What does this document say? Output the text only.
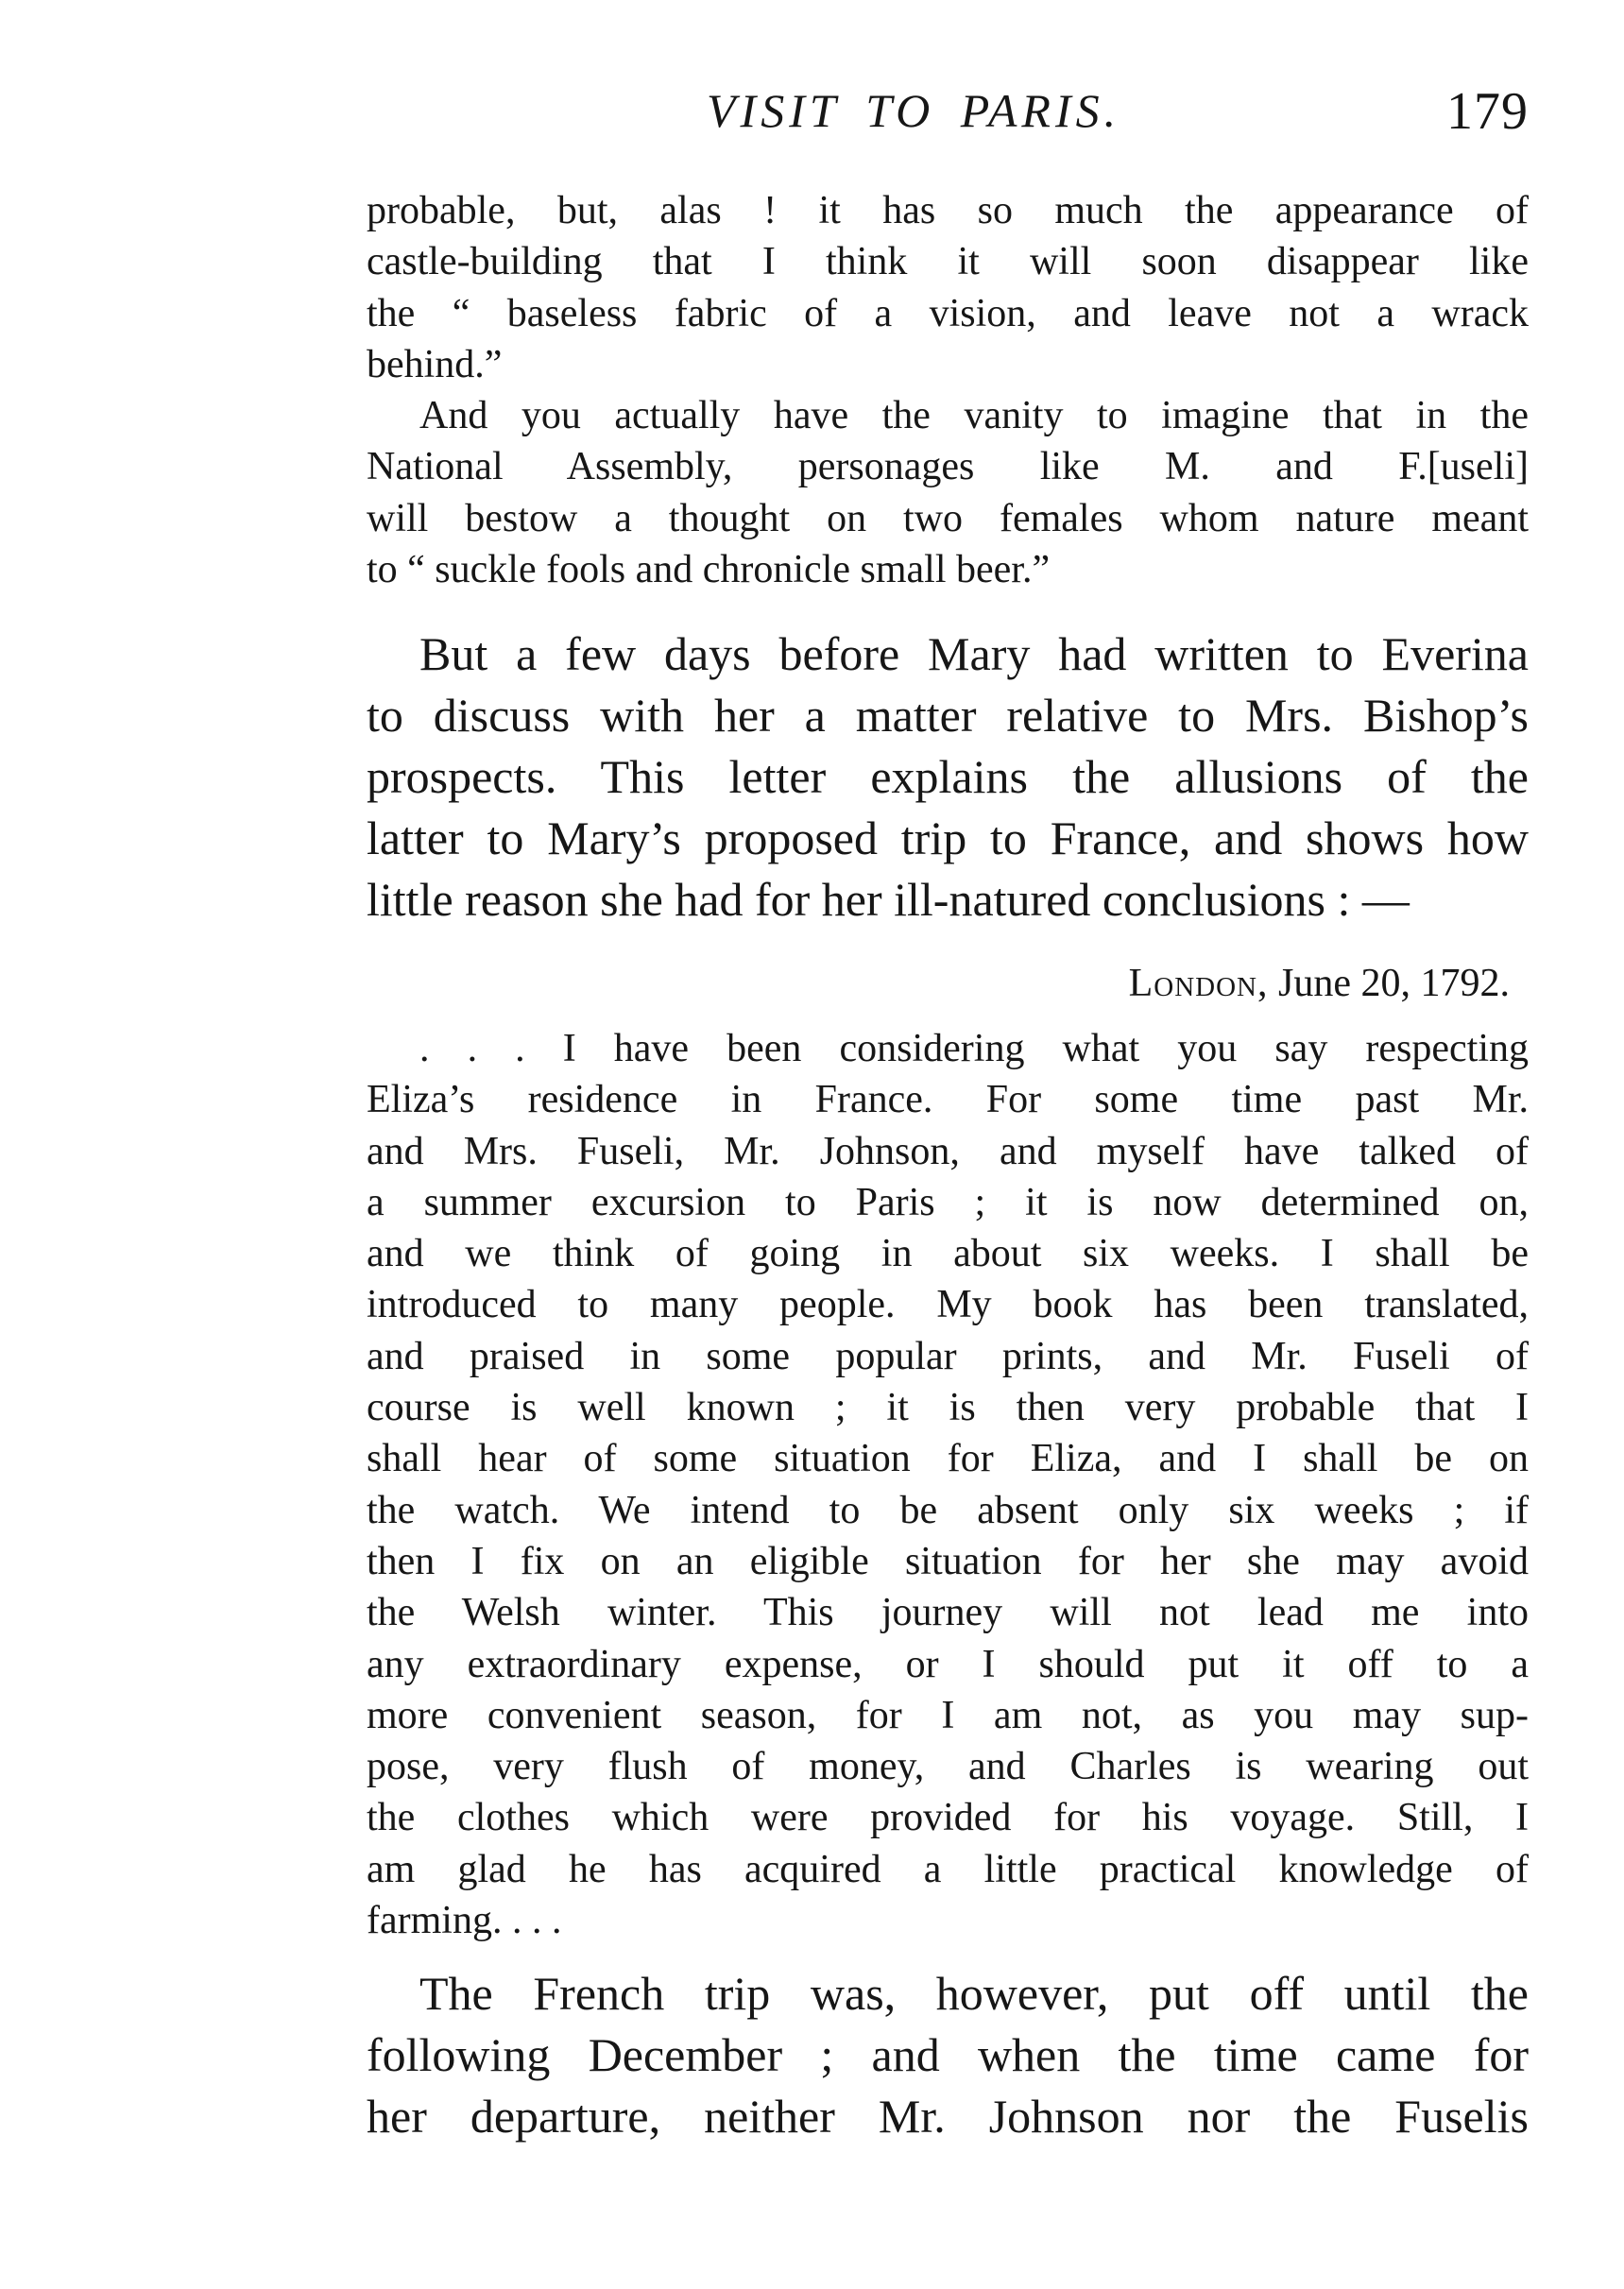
VISIT TO PARIS.	179
probable, but, alas ! it has so much the appearance of
castle-building that I think it will soon disappear like
the “ baseless fabric of a vision, and leave not a wrack
behind.”
And you actually have the vanity to imagine that in the
National Assembly, personages like M. and F.[useli]
will bestow a thought on two females whom nature meant
to “ suckle fools and chronicle small beer.”
But a few days before Mary had written to Everina
to discuss with her a matter relative to Mrs. Bishop’s
prospects. This letter explains the allusions of the
latter to Mary’s proposed trip to France, and shows how
little reason she had for her ill-natured conclusions : —
London, June 20, 1792.
. . . I have been considering what you say respecting
Eliza’s residence in France. For some time past Mr.
and Mrs. Fuseli, Mr. Johnson, and myself have talked of
a summer excursion to Paris ; it is now determined on,
and we think of going in about six weeks. I shall be
introduced to many people. My book has been translated,
and praised in some popular prints, and Mr. Fuseli of
course is well known ; it is then very probable that I
shall hear of some situation for Eliza, and I shall be on
the watch. We intend to be absent only six weeks ; if
then I fix on an eligible situation for her she may avoid
the Welsh winter. This journey will not lead me into
any extraordinary expense, or I should put it off to a
more convenient season, for I am not, as you may sup-
pose, very flush of money, and Charles is wearing out
the clothes which were provided for his voyage. Still, I
am glad he has acquired a little practical knowledge of
farming. . . .
The French trip was, however, put off until the
following December ; and when the time came for
her departure, neither Mr. Johnson nor the Fuselis
